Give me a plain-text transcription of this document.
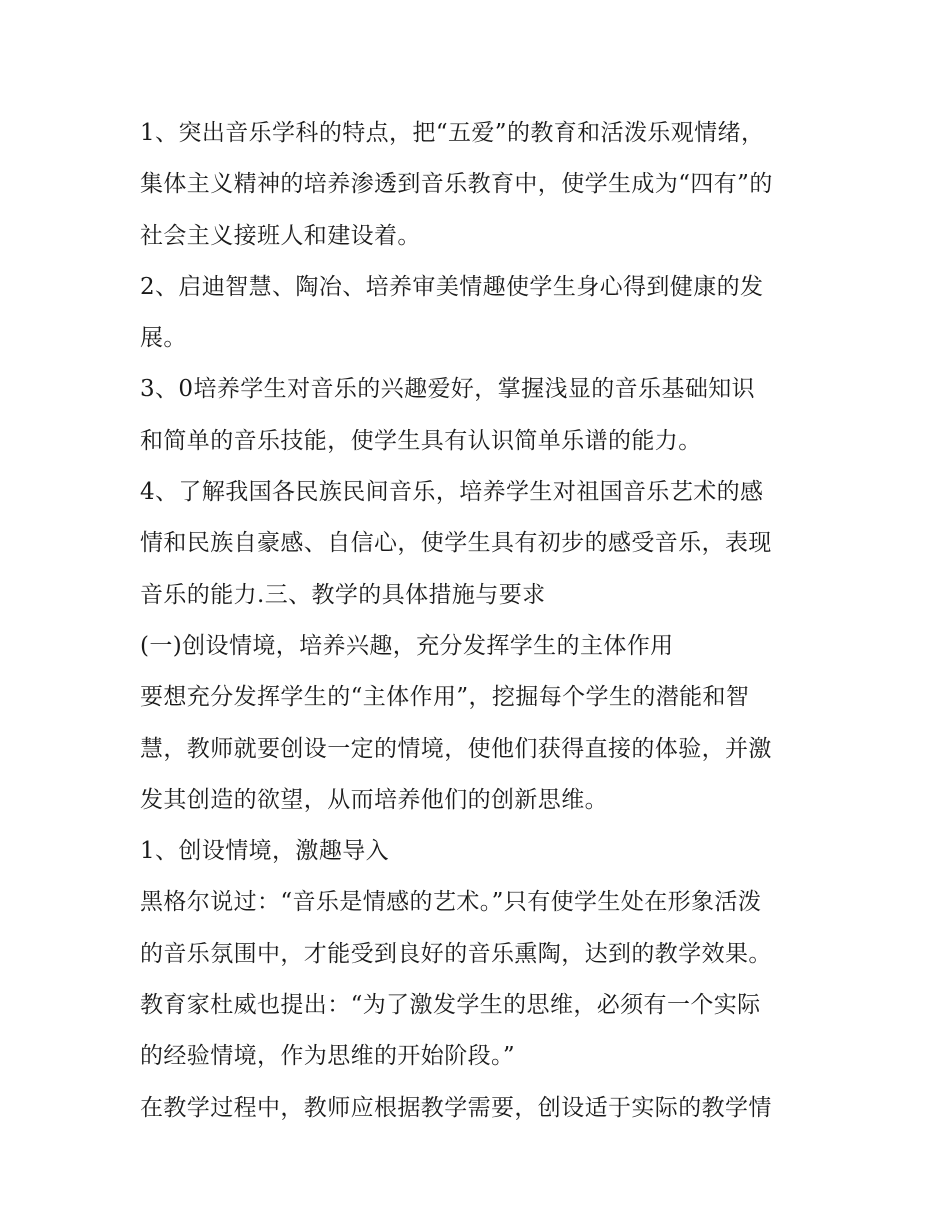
1、突出音乐学科的特点，把“五爱”的教育和活泼乐观情绪，
集体主义精神的培养渗透到音乐教育中，使学生成为“四有”的
社会主义接班人和建设着。
2、启迪智慧、陶冶、培养审美情趣使学生身心得到健康的发
展。
3、0培养学生对音乐的兴趣爱好，掌握浅显的音乐基础知识
和简单的音乐技能，使学生具有认识简单乐谱的能力。
4、了解我国各民族民间音乐，培养学生对祖国音乐艺术的感
情和民族自豪感、自信心，使学生具有初步的感受音乐，表现
音乐的能力.三、教学的具体措施与要求
(一)创设情境，培养兴趣，充分发挥学生的主体作用
要想充分发挥学生的“主体作用”，挖掘每个学生的潜能和智
慧，教师就要创设一定的情境，使他们获得直接的体验，并激
发其创造的欲望，从而培养他们的创新思维。
1、创设情境，激趣导入
黑格尔说过：“音乐是情感的艺术。”只有使学生处在形象活泼
的音乐氛围中，才能受到良好的音乐熏陶，达到的教学效果。
教育家杜威也提出：“为了激发学生的思维，必须有一个实际
的经验情境，作为思维的开始阶段。”
在教学过程中，教师应根据教学需要，创设适于实际的教学情
